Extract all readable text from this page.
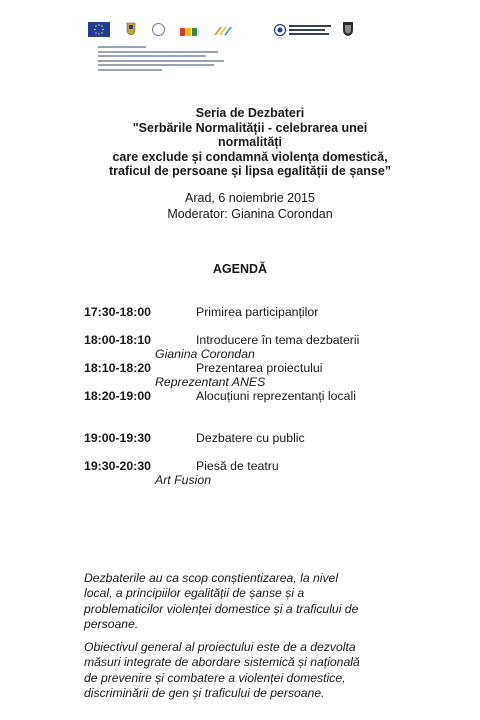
Seria de Dezbateri
"Serbările Normalității - celebrarea unei
normalități
care exclude și condamnă violența domestică,
traficul de persoane și lipsa egalității de șanse”
Arad, 6 noiembrie 2015
Moderator: Gianina Corondan
AGENDĂ
17:30-18:00	Primirea participanților
18:00-18:10	Introducere în tema dezbaterii
Gianina Corondan
18:10-18:20	Prezentarea proiectului
Reprezentant ANES
18:20-19:00	Alocuțiuni reprezentanți locali
19:00-19:30	Dezbatere cu public
19:30-20:30	Piesă de teatru
Art Fusion
Dezbaterile au ca scop conștientizarea, la nivel
local, a principiilor egalității de șanse și a
problematicilor violenței domestice și a traficului de
persoane.
Obiectivul general al proiectului este de a dezvolta
măsuri integrate de abordare sistemică și națională
de prevenire și combatere a violenței domestice,
discriminării de gen și traficului de persoane.
